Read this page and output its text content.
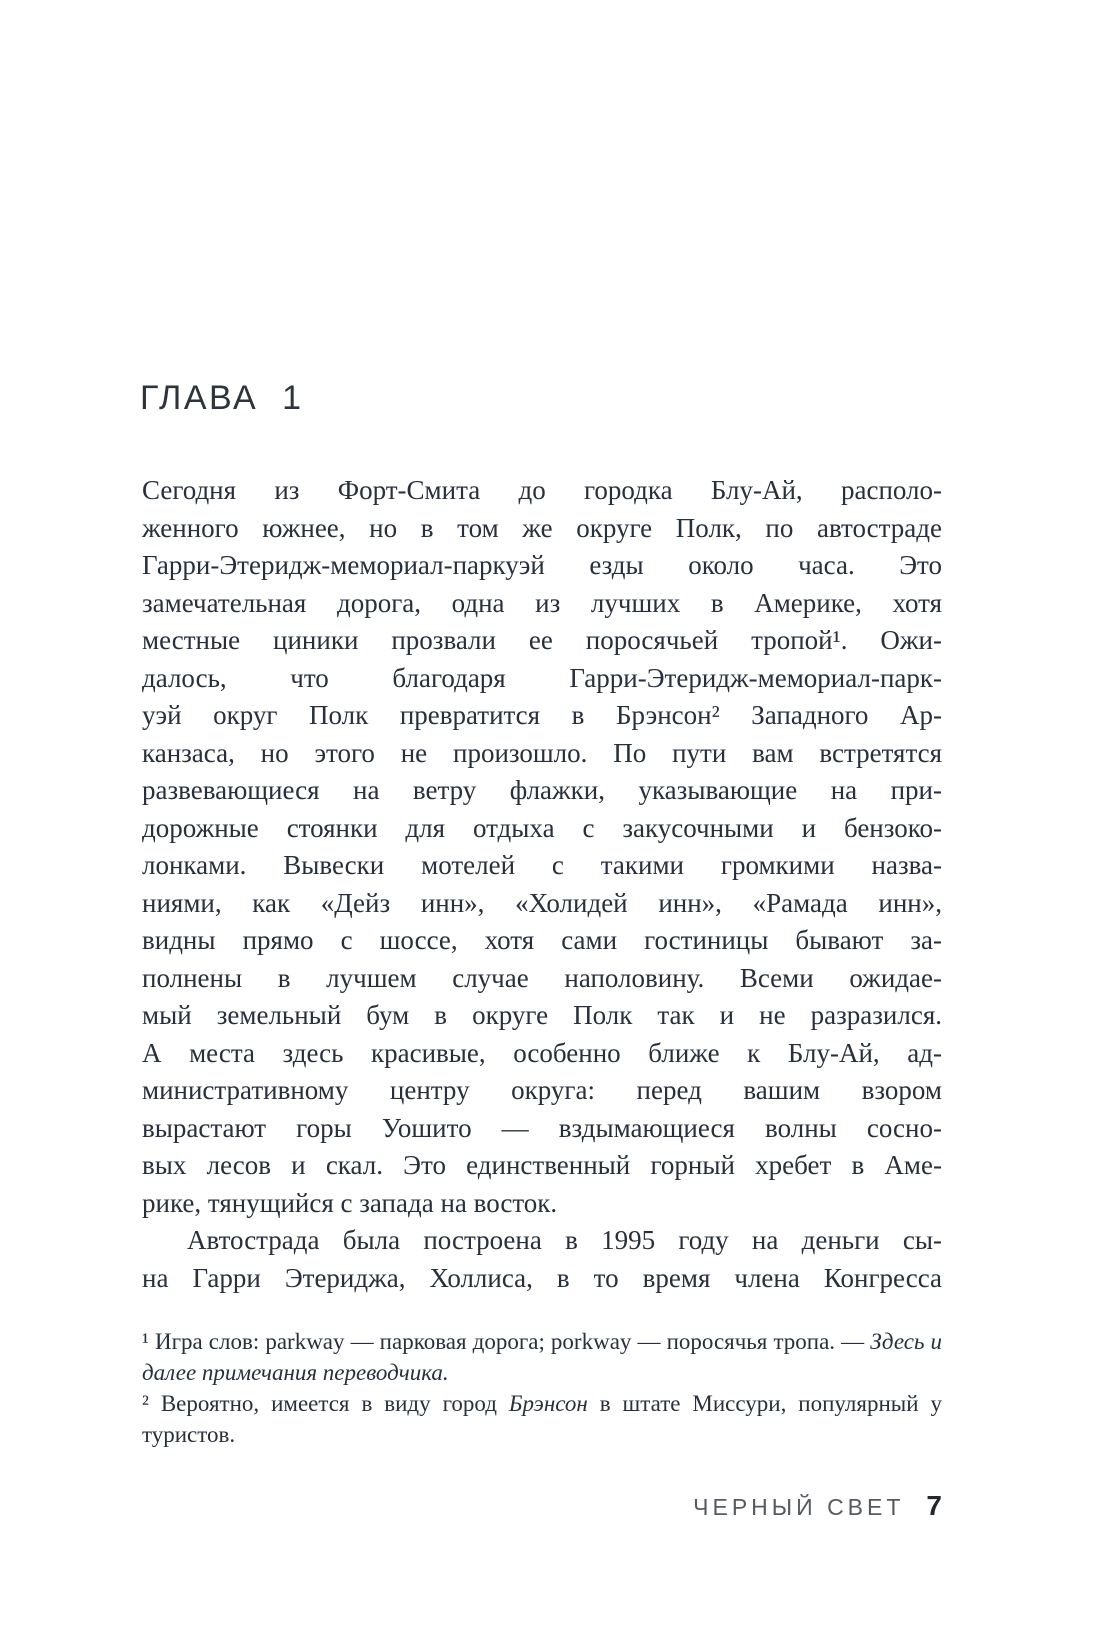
ГЛАВА 1
Сегодня из Форт-Смита до городка Блу-Ай, располо-
женного южнее, но в том же округе Полк, по автостраде
Гарри-Этеридж-мемориал-паркуэй езды около часа. Это
замечательная дорога, одна из лучших в Америке, хотя
местные циники прозвали ее поросячьей тропой¹. Ожи-
далось, что благодаря Гарри-Этеридж-мемориал-парк-
уэй округ Полк превратится в Брэнсон² Западного Ар-
канзаса, но этого не произошло. По пути вам встретятся
развевающиеся на ветру флажки, указывающие на при-
дорожные стоянки для отдыха с закусочными и бензоко-
лонками. Вывески мотелей с такими громкими назва-
ниями, как «Дейз инн», «Холидей инн», «Рамада инн»,
видны прямо с шоссе, хотя сами гостиницы бывают за-
полнены в лучшем случае наполовину. Всеми ожидае-
мый земельный бум в округе Полк так и не разразился.
А места здесь красивые, особенно ближе к Блу-Ай, ад-
министративному центру округа: перед вашим взором
вырастают горы Уошито — вздымающиеся волны сосно-
вых лесов и скал. Это единственный горный хребет в Аме-
рике, тянущийся с запада на восток.
Автострада была построена в 1995 году на деньги сы-
на Гарри Этериджа, Холлиса, в то время члена Конгресса
¹ Игра слов: parkway — парковая дорога; porkway — поросячья тропа. — Здесь и далее примечания переводчика.
² Вероятно, имеется в виду город Брэнсон в штате Миссури, популярный у туристов.
ЧЕРНЫЙ СВЕТ 7
